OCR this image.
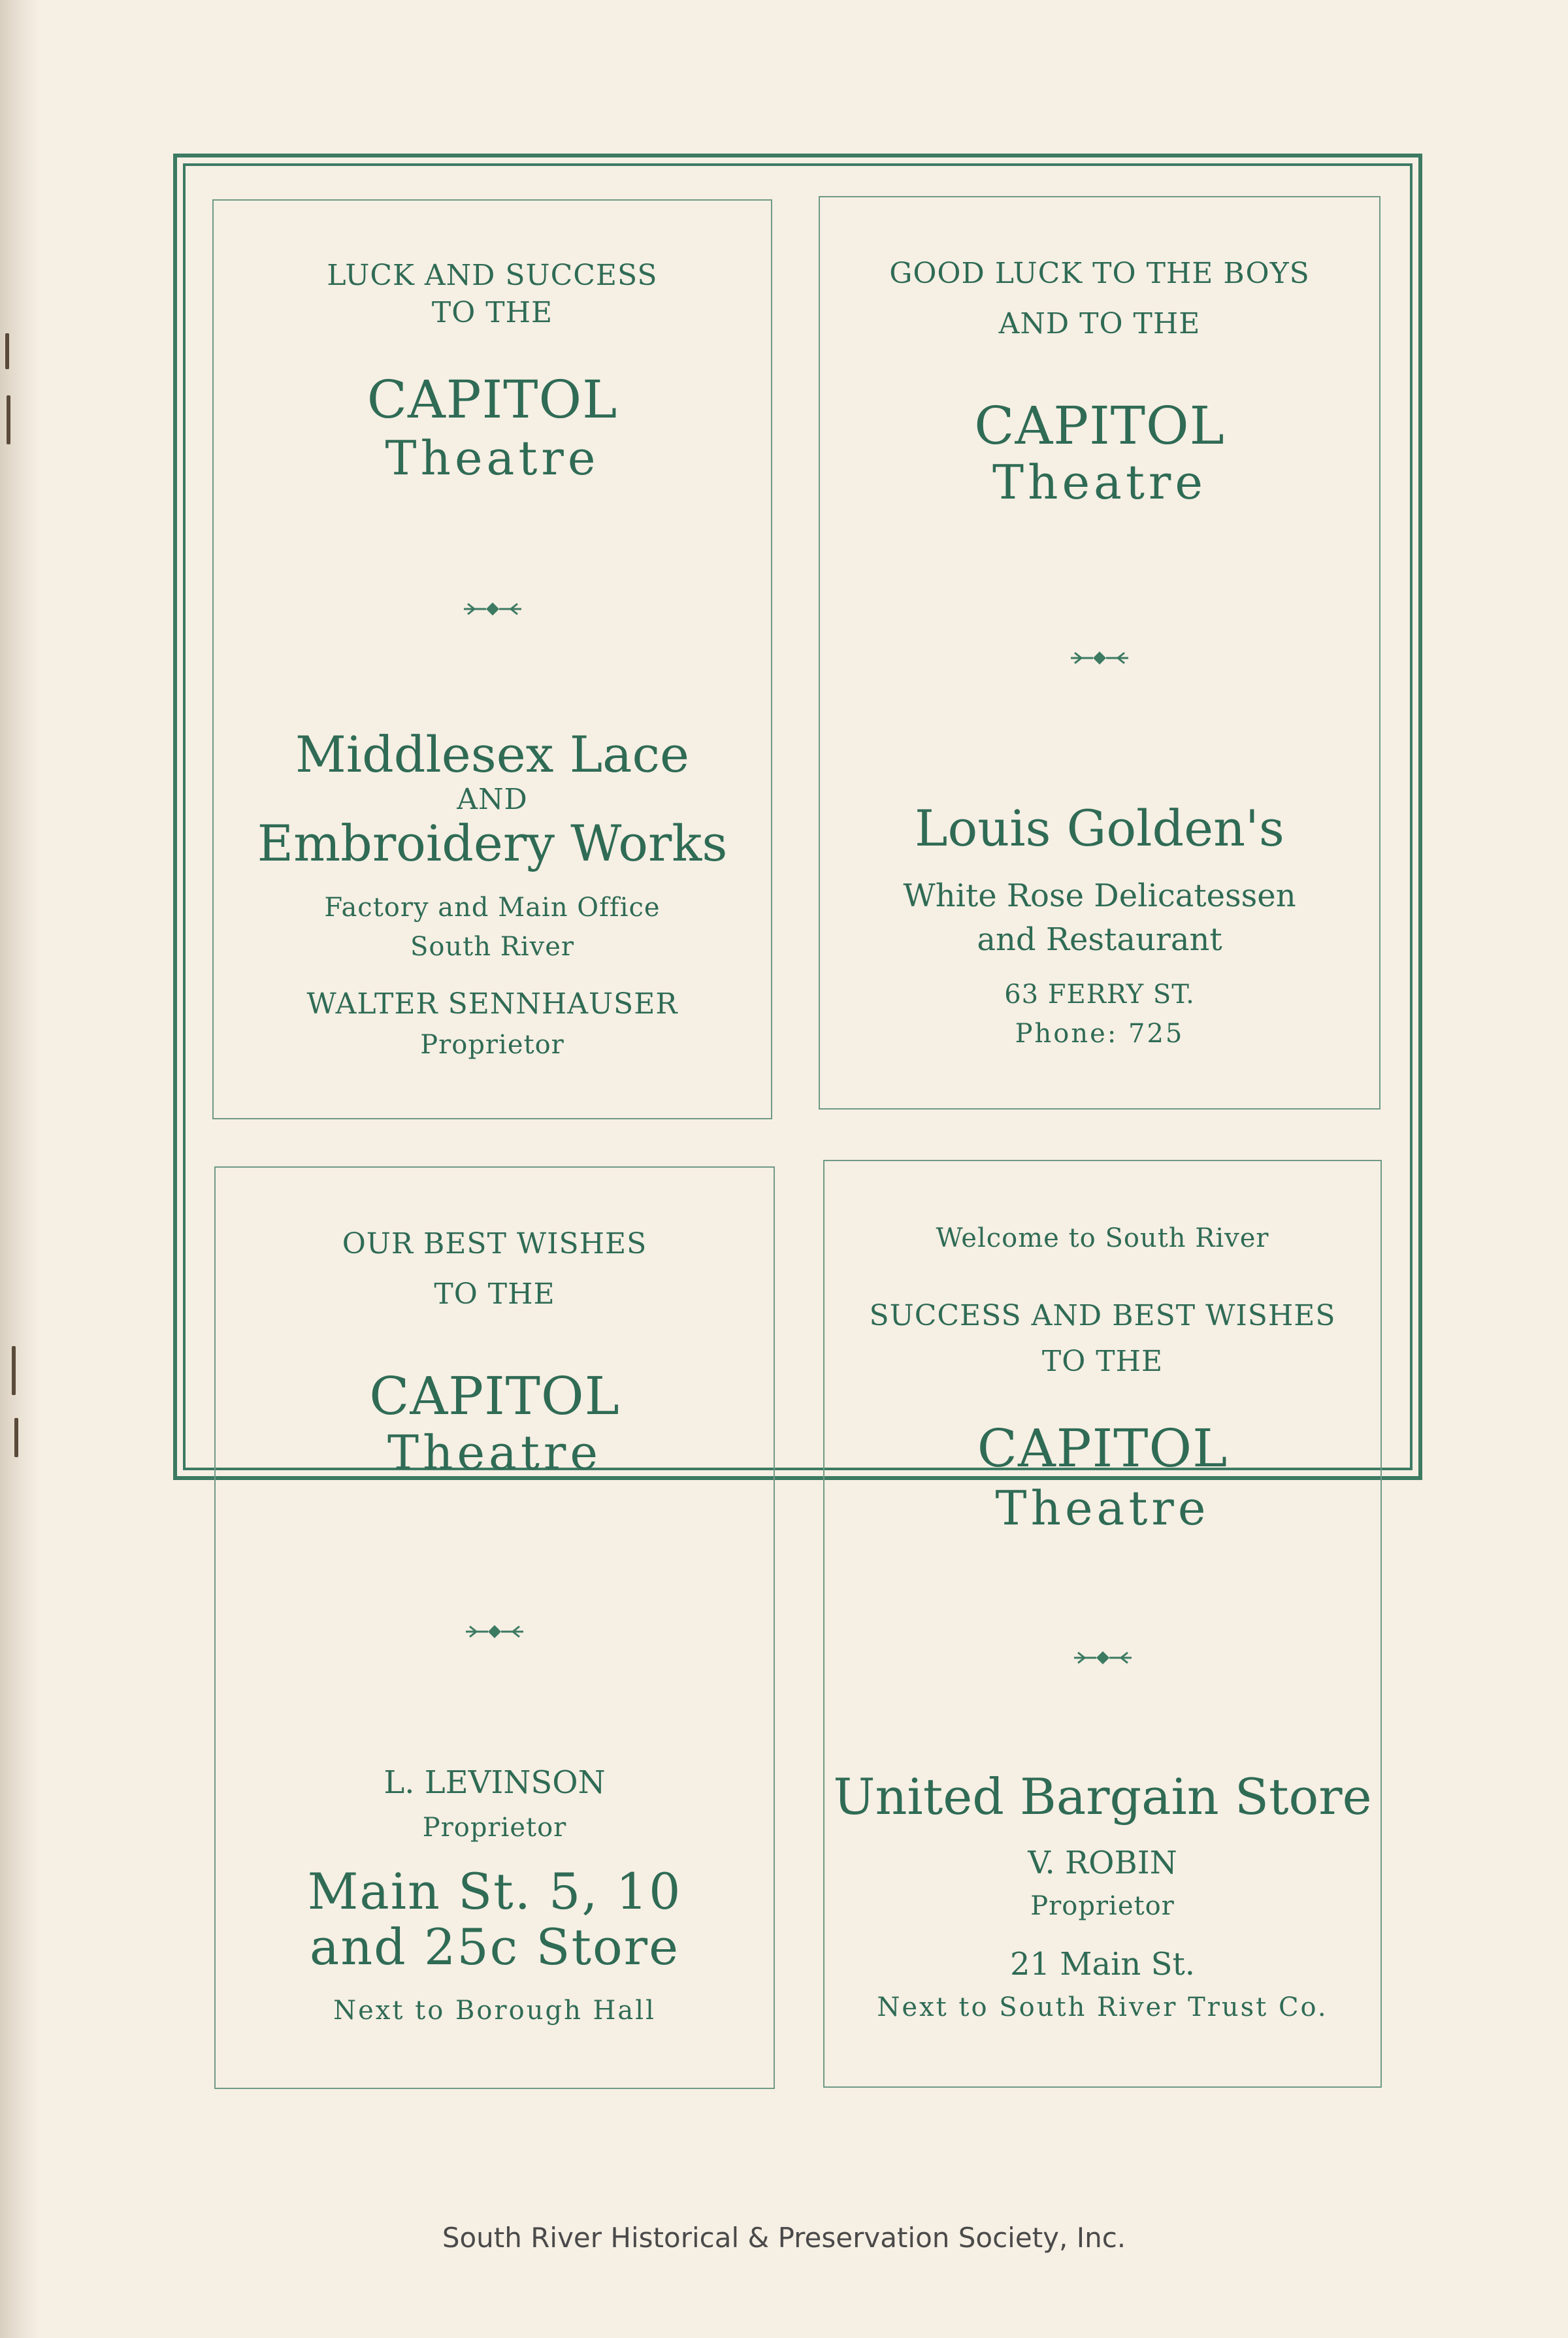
LUCK AND SUCCESS

TO THE

CAPITOL

Theatre

Middlesex Lace

AND

Embroidery Works

Factory and Main Office

South River

WALTER SENNHAUSER

Proprietor

GOOD LUCK TO THE BOYS

AND TO THE

CAPITOL

Theatre

Louis Golden's

White Rose Delicatessen

and Restaurant

63 FERRY ST.

Phone: 725

OUR BEST WISHES

TO THE

CAPITOL

Theatre

L. LEVINSON

Proprietor

Main St. 5, 10

and 25c Store

Next to Borough Hall

Welcome to South River

SUCCESS AND BEST WISHES

TO THE

CAPITOL

Theatre

United Bargain Store

V. ROBIN

Proprietor

21 Main St.

Next to South River Trust Co.

South River Historical & Preservation Society, Inc.
